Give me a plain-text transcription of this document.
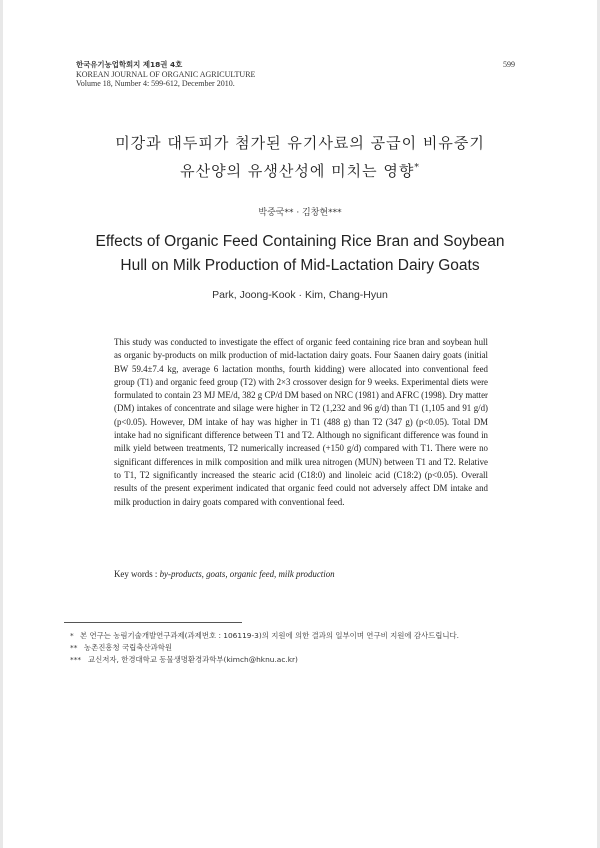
한국유기농업학회지 제18권 4호
KOREAN JOURNAL OF ORGANIC AGRICULTURE
Volume 18, Number 4: 599-612, December 2010.
599
미강과 대두피가 첨가된 유기사료의 공급이 비유중기
유산양의 유생산성에 미치는 영향*
박중국** · 김창현***
Effects of Organic Feed Containing Rice Bran and Soybean
Hull on Milk Production of Mid-Lactation Dairy Goats
Park, Joong-Kook · Kim, Chang-Hyun
This study was conducted to investigate the effect of organic feed containing rice bran and soybean hull as organic by-products on milk production of mid-lactation dairy goats. Four Saanen dairy goats (initial BW 59.4±7.4 kg, average 6 lactation months, fourth kidding) were allocated into conventional feed group (T1) and organic feed group (T2) with 2×3 crossover design for 9 weeks. Experimental diets were formulated to contain 23 MJ ME/d, 382 g CP/d DM based on NRC (1981) and AFRC (1998). Dry matter (DM) intakes of concentrate and silage were higher in T2 (1,232 and 96 g/d) than T1 (1,105 and 91 g/d) (p<0.05). However, DM intake of hay was higher in T1 (488 g) than T2 (347 g) (p<0.05). Total DM intake had no significant difference between T1 and T2. Although no significant difference was found in milk yield between treatments, T2 numerically increased (+150 g/d) compared with T1. There were no significant differences in milk composition and milk urea nitrogen (MUN) between T1 and T2. Relative to T1, T2 significantly increased the stearic acid (C18:0) and linoleic acid (C18:2) (p<0.05). Overall results of the present experiment indicated that organic feed could not adversely affect DM intake and milk production in dairy goats compared with conventional feed.
Key words : by-products, goats, organic feed, milk production
* 본 연구는 농림기술개발연구과제(과제번호 : 106119-3)의 지원에 의한 결과의 일부이며 연구비 지원에 감사드립니다.
** 농촌진흥청 국립축산과학원
*** 교신저자, 한경대학교 동물생명환경과학부(kimch@hknu.ac.kr)
